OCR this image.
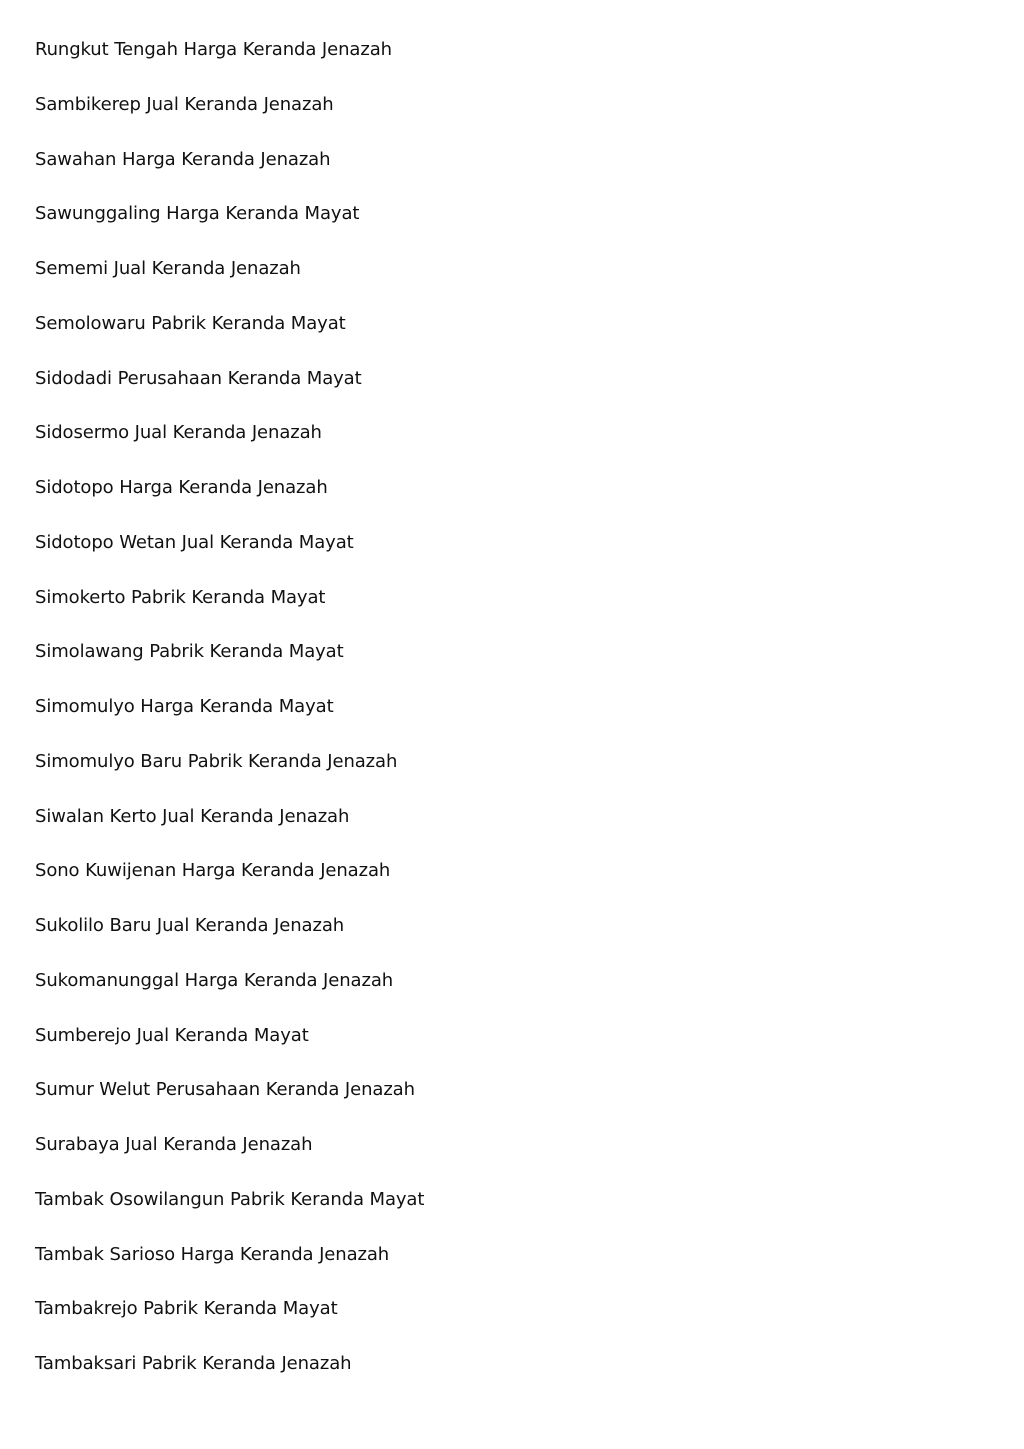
Rungkut Tengah Harga Keranda Jenazah
Sambikerep Jual Keranda Jenazah
Sawahan Harga Keranda Jenazah
Sawunggaling Harga Keranda Mayat
Sememi Jual Keranda Jenazah
Semolowaru Pabrik Keranda Mayat
Sidodadi Perusahaan Keranda Mayat
Sidosermo Jual Keranda Jenazah
Sidotopo Harga Keranda Jenazah
Sidotopo Wetan Jual Keranda Mayat
Simokerto Pabrik Keranda Mayat
Simolawang Pabrik Keranda Mayat
Simomulyo Harga Keranda Mayat
Simomulyo Baru Pabrik Keranda Jenazah
Siwalan Kerto Jual Keranda Jenazah
Sono Kuwijenan Harga Keranda Jenazah
Sukolilo Baru Jual Keranda Jenazah
Sukomanunggal Harga Keranda Jenazah
Sumberejo Jual Keranda Mayat
Sumur Welut Perusahaan Keranda Jenazah
Surabaya Jual Keranda Jenazah
Tambak Osowilangun Pabrik Keranda Mayat
Tambak Sarioso Harga Keranda Jenazah
Tambakrejo Pabrik Keranda Mayat
Tambaksari Pabrik Keranda Jenazah
